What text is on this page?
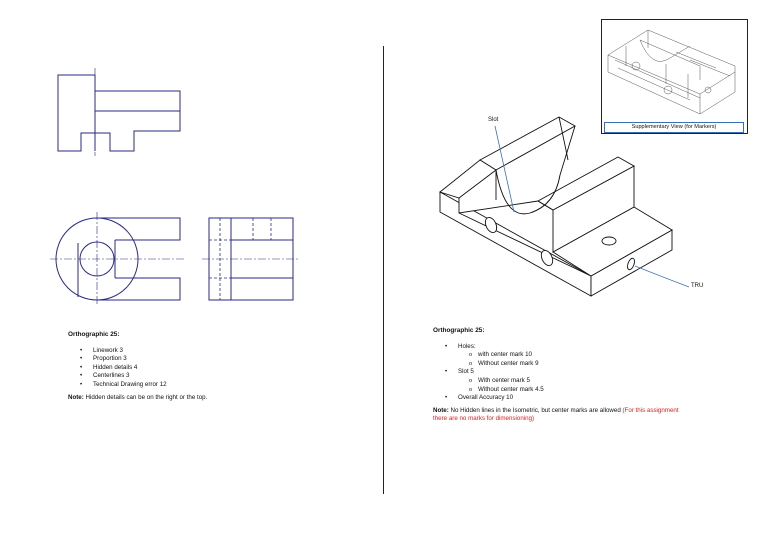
Orthographic 25:
• Linework 3
• Proportion 3
• Hidden details 4
• Centerlines 3
• Technical Drawing error 12
Note: Hidden details can be on the right or the top.
Supplementary View (for Markers)
Slot
TRU
Orthographic 25:
• Holes:
o with center mark 10
o Without center mark 9
• Slot 5
o With center mark 5
o Without center mark 4.5
• Overall Accuracy 10
Note: No Hidden lines in the Isometric, but center marks are allowed (For this assignment there are no marks for dimensioning)
